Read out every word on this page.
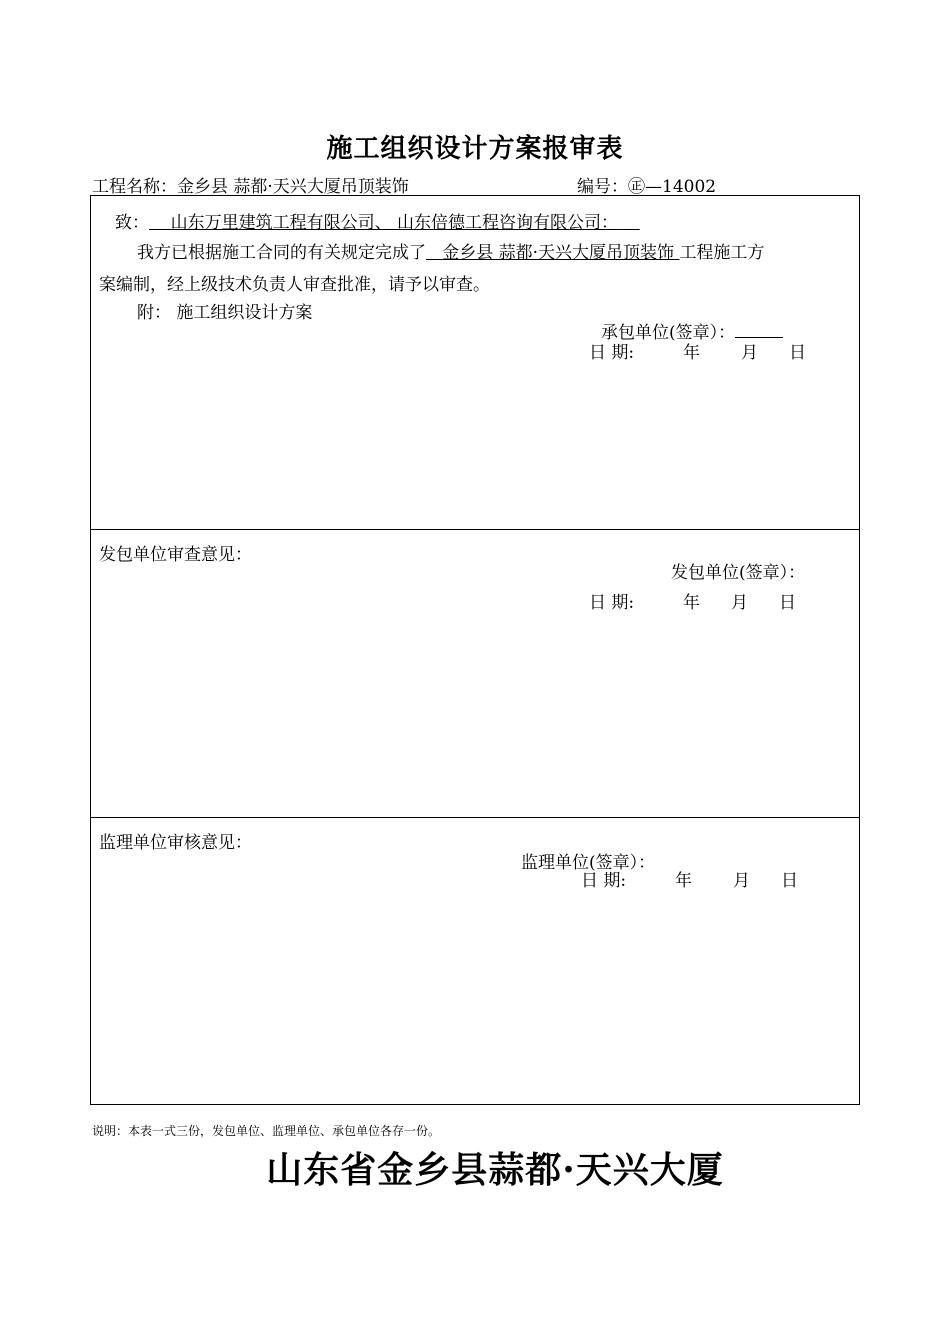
施工组织设计方案报审表
工程名称：金乡县 蒜都·天兴大厦吊顶装饰	编号：㊣—14002
致： 山东万里建筑工程有限公司、 山东倍德工程咨询有限公司：
我方已根据施工合同的有关规定完成了 金乡县 蒜都·天兴大厦吊顶装饰 工程施工方
案编制，经上级技术负责人审查批准，请予以审查。
附： 施工组织设计方案
承包单位(签章）：
日 期:	年 月 日
发包单位审查意见：
发包单位(签章）：
日 期:	年 月 日
监理单位审核意见：
监理单位(签章）：
日 期:	年 月 日
说明：本表一式三份，发包单位、监理单位、承包单位各存一份。
山东省金乡县蒜都·天兴大厦
